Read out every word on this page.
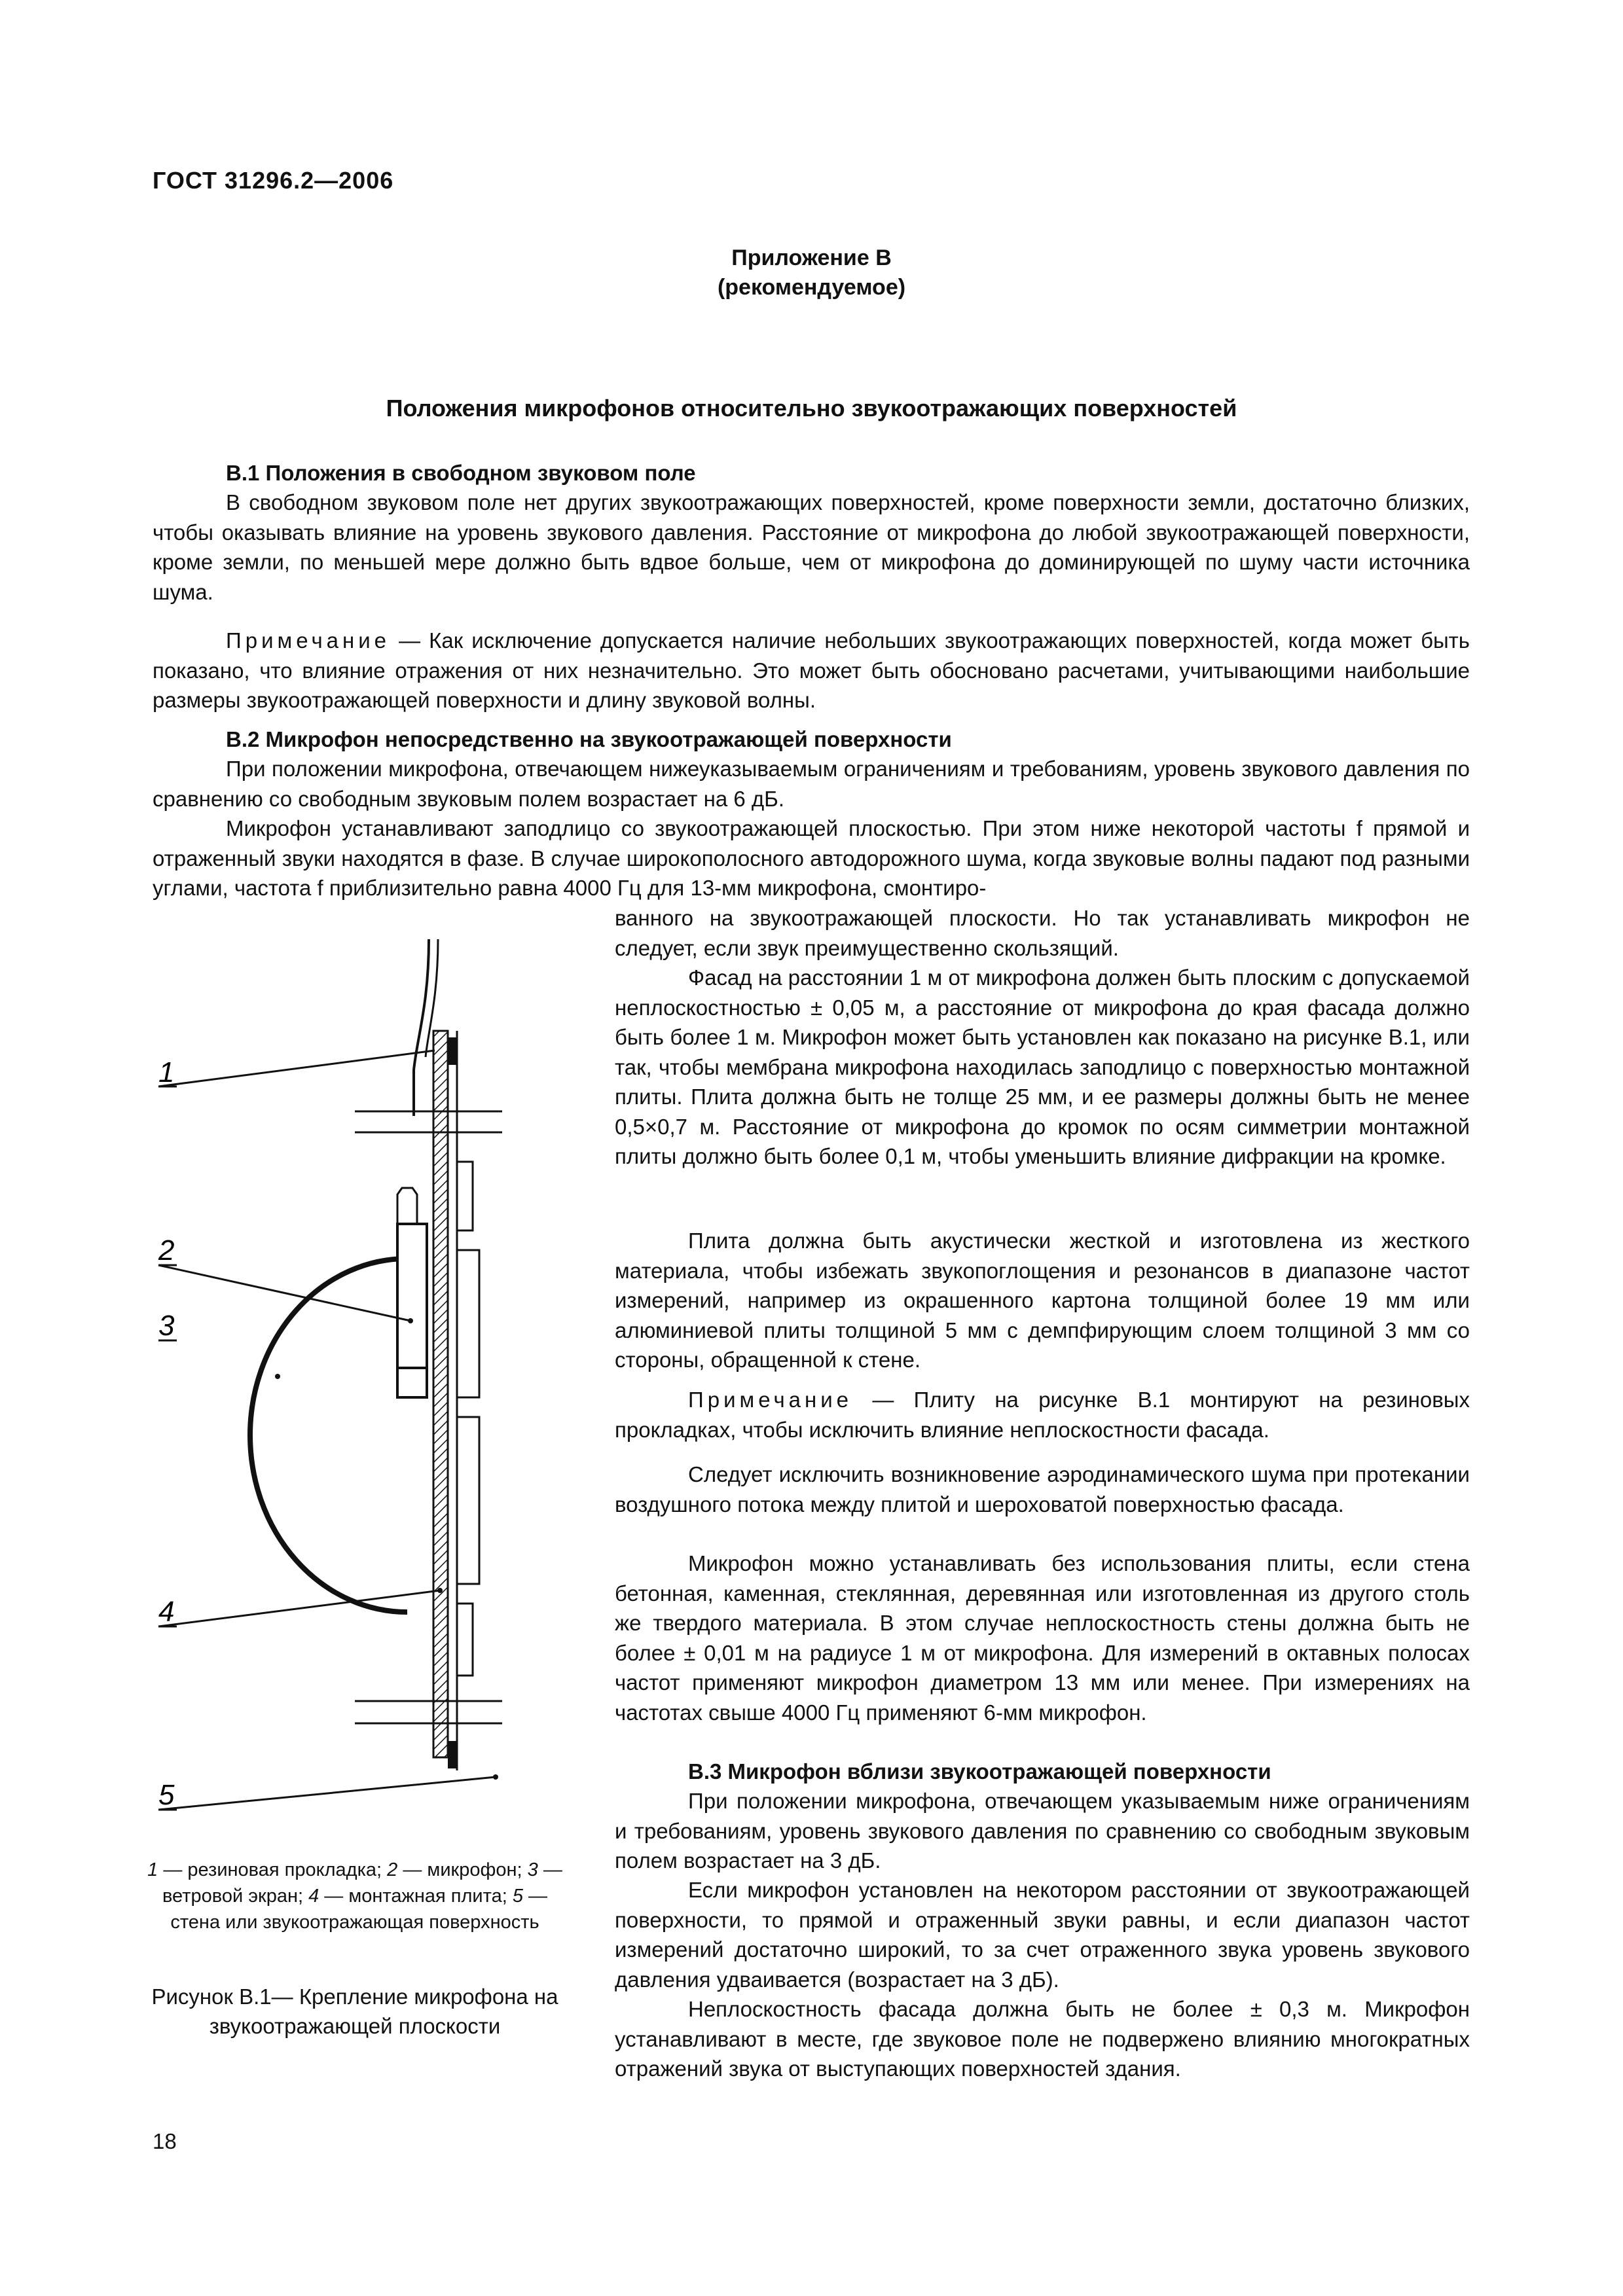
ГОСТ 31296.2—2006
Приложение В
(рекомендуемое)
Положения микрофонов относительно звукоотражающих поверхностей
В.1 Положения в свободном звуковом поле

В свободном звуковом поле нет других звукоотражающих поверхностей, кроме поверхности земли, достаточно близких, чтобы оказывать влияние на уровень звукового давления. Расстояние от микрофона до любой звукоотражающей поверхности, кроме земли, по меньшей мере должно быть вдвое больше, чем от микрофона до доминирующей по шуму части источника шума.

Примечание — Как исключение допускается наличие небольших звукоотражающих поверхностей, когда может быть показано, что влияние отражения от них незначительно. Это может быть обосновано расчетами, учитывающими наибольшие размеры звукоотражающей поверхности и длину звуковой волны.

В.2 Микрофон непосредственно на звукоотражающей поверхности

При положении микрофона, отвечающем нижеуказываемым ограничениям и требованиям, уровень звукового давления по сравнению со свободным звуковым полем возрастает на 6 дБ.

Микрофон устанавливают заподлицо со звукоотражающей плоскостью. При этом ниже некоторой частоты f прямой и отраженный звуки находятся в фазе. В случае широкополосного автодорожного шума, когда звуковые волны падают под разными углами, частота f приблизительно равна 4000 Гц для 13-мм микрофона, смонтиро-

ванного на звукоотражающей плоскости. Но так устанавливать микрофон не следует, если звук преимущественно скользящий.

Фасад на расстоянии 1 м от микрофона должен быть плоским с допускаемой неплоскостностью ± 0,05 м, а расстояние от микрофона до края фасада должно быть более 1 м. Микрофон может быть установлен как показано на рисунке В.1, или так, чтобы мембрана микрофона находилась заподлицо с поверхностью монтажной плиты. Плита должна быть не толще 25 мм, и ее размеры должны быть не менее 0,5×0,7 м. Расстояние от микрофона до кромок по осям симметрии монтажной плиты должно быть более 0,1 м, чтобы уменьшить влияние дифракции на кромке.

Плита должна быть акустически жесткой и изготовлена из жесткого материала, чтобы избежать звукопоглощения и резонансов в диапазоне частот измерений, например из окрашенного картона толщиной более 19 мм или алюминиевой плиты толщиной 5 мм с демпфирующим слоем толщиной 3 мм со стороны, обращенной к стене.

Примечание — Плиту на рисунке В.1 монтируют на резиновых прокладках, чтобы исключить влияние неплоскостности фасада.

Следует исключить возникновение аэродинамического шума при протекании воздушного потока между плитой и шероховатой поверхностью фасада.

Микрофон можно устанавливать без использования плиты, если стена бетонная, каменная, стеклянная, деревянная или изготовленная из другого столь же твердого материала. В этом случае неплоскостность стены должна быть не более ± 0,01 м на радиусе 1 м от микрофона. Для измерений в октавных полосах частот применяют микрофон диаметром 13 мм или менее. При измерениях на частотах свыше 4000 Гц применяют 6-мм микрофон.

В.3 Микрофон вблизи звукоотражающей поверхности

При положении микрофона, отвечающем указываемым ниже ограничениям и требованиям, уровень звукового давления по сравнению со свободным звуковым полем возрастает на 3 дБ.

Если микрофон установлен на некотором расстоянии от звукоотражающей поверхности, то прямой и отраженный звуки равны, и если диапазон частот измерений достаточно широкий, то за счет отраженного звука уровень звукового давления удваивается (возрастает на 3 дБ).

Неплоскостность фасада должна быть не более ± 0,3 м. Микрофон устанавливают в месте, где звуковое поле не подвержено влиянию многократных отражений звука от выступающих поверхностей здания.

1
2
3
4
5
1 — резиновая прокладка; 2 — микрофон; 3 — ветровой экран; 4 — монтажная плита; 5 — стена или звукоотражающая поверхность
Рисунок В.1— Крепление микрофона на звукоотражающей плоскости
18
